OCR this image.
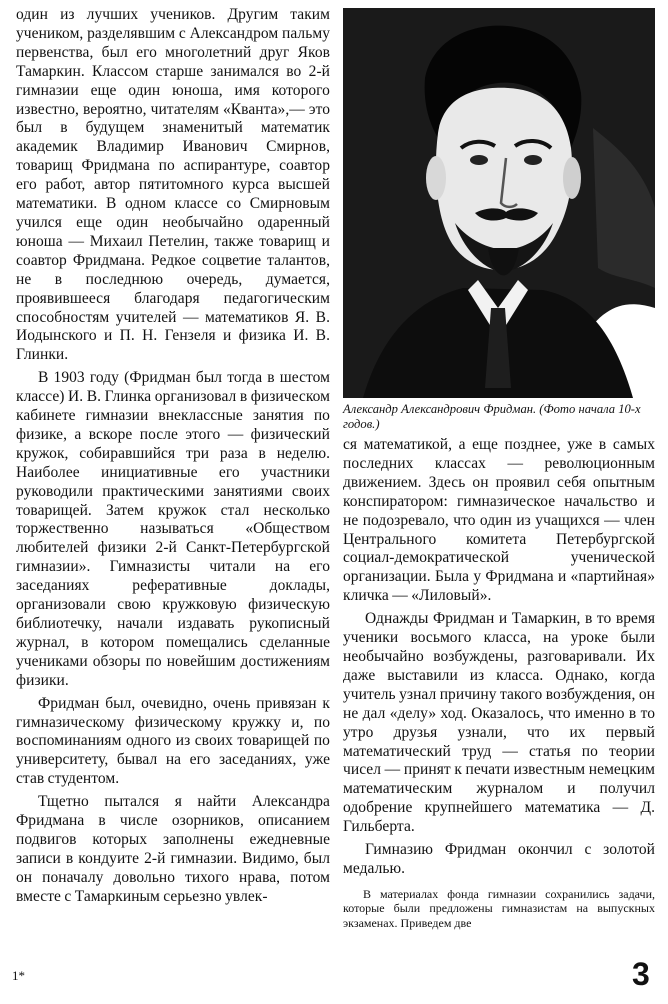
один из лучших учеников. Другим таким учеником, разделявшим с Александром пальму первенства, был его многолетний друг Яков Тамаркин. Классом старше занимался во 2-й гимназии еще один юноша, имя которого известно, вероятно, читателям «Кванта»,— это был в будущем знаменитый математик академик Владимир Иванович Смирнов, товарищ Фридмана по аспирантуре, соавтор его работ, автор пятитомного курса высшей математики. В одном классе со Смирновым учился еще один необычайно одаренный юноша — Михаил Петелин, также товарищ и соавтор Фридмана. Редкое соцветие талантов, не в последнюю очередь, думается, проявившееся благодаря педагогическим способностям учителей — математиков Я. В. Иодынского и П. Н. Гензеля и физика И. В. Глинки.

В 1903 году (Фридман был тогда в шестом классе) И. В. Глинка организовал в физическом кабинете гимназии внеклассные занятия по физике, а вскоре после этого — физический кружок, собиравшийся три раза в неделю. Наиболее инициативные его участники руководили практическими занятиями своих товарищей. Затем кружок стал несколько торжественно называться «Обществом любителей физики 2-й Санкт-Петербургской гимназии». Гимназисты читали на его заседаниях реферативные доклады, организовали свою кружковую физическую библиотечку, начали издавать рукописный журнал, в котором помещались сделанные учениками обзоры по новейшим достижениям физики.

Фридман был, очевидно, очень привязан к гимназическому физическому кружку и, по воспоминаниям одного из своих товарищей по университету, бывал на его заседаниях, уже став студентом.

Тщетно пытался я найти Александра Фридмана в числе озорников, описанием подвигов которых заполнены ежедневные записи в кондуите 2-й гимназии. Видимо, был он поначалу довольно тихого нрава, потом вместе с Тамаркиным серьезно увлек-

Александр Александрович Фридман. (Фото начала 10-х годов.)

ся математикой, а еще позднее, уже в самых последних классах — революционным движением. Здесь он проявил себя опытным конспиратором: гимназическое начальство и не подозревало, что один из учащихся — член Центрального комитета Петербургской социал-демократической ученической организации. Была у Фридмана и «партийная» кличка — «Лиловый».

Однажды Фридман и Тамаркин, в то время ученики восьмого класса, на уроке были необычайно возбуждены, разговаривали. Их даже выставили из класса. Однако, когда учитель узнал причину такого возбуждения, он не дал «делу» ход. Оказалось, что именно в то утро друзья узнали, что их первый математический труд — статья по теории чисел — принят к печати известным немецким математическим журналом и получил одобрение крупнейшего математика — Д. Гильберта.

Гимназию Фридман окончил с золотой медалью.

В материалах фонда гимназии сохранились задачи, которые были предложены гимназистам на выпускных экзаменах. Приведем две

1*	3
